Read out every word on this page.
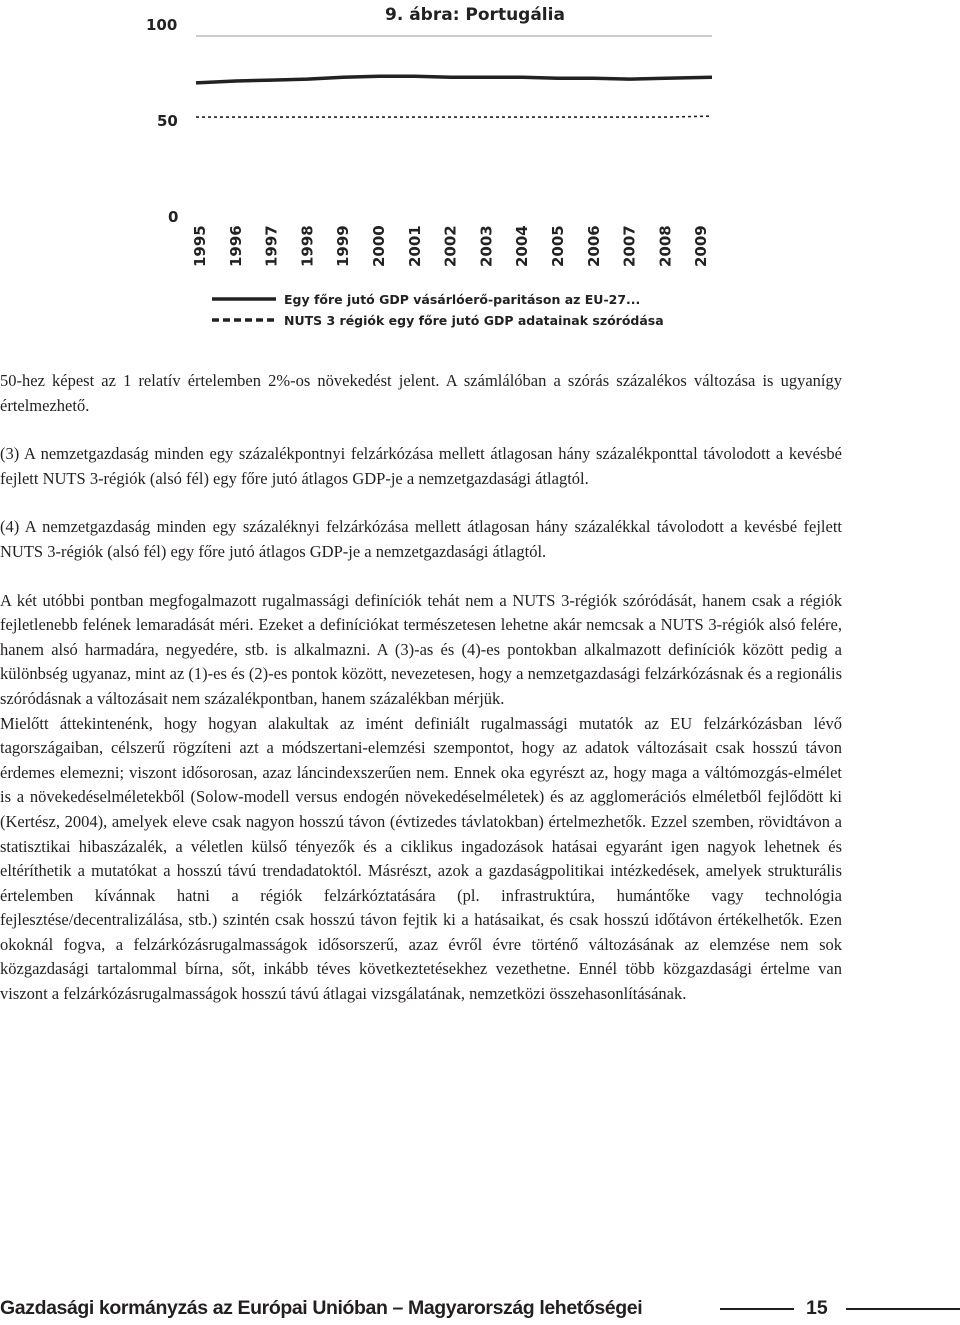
9. ábra: Portugália
100
50
0
1995 1996 1997 1998 1999 2000 2001 2002 2003 2004 2005 2006 2007 2008 2009
Egy főre jutó GDP vásárlóerő-paritáson az EU-27...
NUTS 3 régiók egy főre jutó GDP adatainak szóródása

50-hez képest az 1 relatív értelemben 2%-os növekedést jelent. A számlálóban a szórás százalékos változása is ugyanígy értelmezhető.

(3) A nemzetgazdaság minden egy százalékpontnyi felzárkózása mellett átlagosan hány százalékponttal távolodott a kevésbé fejlett NUTS 3-régiók (alsó fél) egy főre jutó átlagos GDP-je a nemzetgazdasági átlagtól.

(4) A nemzetgazdaság minden egy százaléknyi felzárkózása mellett átlagosan hány százalékkal távolodott a kevésbé fejlett NUTS 3-régiók (alsó fél) egy főre jutó átlagos GDP-je a nemzetgazdasági átlagtól.

A két utóbbi pontban megfogalmazott rugalmassági definíciók tehát nem a NUTS 3-régiók szóródását, hanem csak a régiók fejletlenebb felének lemaradását méri. Ezeket a definíciókat természetesen lehetne akár nemcsak a NUTS 3-régiók alsó felére, hanem alsó harmadára, negyedére, stb. is alkalmazni. A (3)-as és (4)-es pontokban alkalmazott definíciók között pedig a különbség ugyanaz, mint az (1)-es és (2)-es pontok között, nevezetesen, hogy a nemzetgazdasági felzárkózásnak és a regionális szóródásnak a változásait nem százalékpontban, hanem százalékban mérjük.

Mielőtt áttekintenénk, hogy hogyan alakultak az imént definiált rugalmassági mutatók az EU felzárkózásban lévő tagországaiban, célszerű rögzíteni azt a módszertani-elemzési szempontot, hogy az adatok változásait csak hosszú távon érdemes elemezni; viszont idősorosan, azaz láncindexszerűen nem. Ennek oka egyrészt az, hogy maga a váltómozgás-elmélet is a növekedéselméletekből (Solow-modell versus endogén növekedéselméletek) és az agglomerációs elméletből fejlődött ki (Kertész, 2004), amelyek eleve csak nagyon hosszú távon (évtizedes távlatokban) értelmezhetők. Ezzel szemben, rövidtávon a statisztikai hibaszázalék, a véletlen külső tényezők és a ciklikus ingadozások hatásai egyaránt igen nagyok lehetnek és eltéríthetik a mutatókat a hosszú távú trendadatoktól. Másrészt, azok a gazdaságpolitikai intézkedések, amelyek strukturális értelemben kívánnak hatni a régiók felzárkóztatására (pl. infrastruktúra, humántőke vagy technológia fejlesztése/decentralizálása, stb.) szintén csak hosszú távon fejtik ki a hatásaikat, és csak hosszú időtávon értékelhetők. Ezen okoknál fogva, a felzárkózásrugalmasságok idősorszerű, azaz évről évre történő változásának az elemzése nem sok közgazdasági tartalommal bírna, sőt, inkább téves következtetésekhez vezethetne. Ennél több közgazdasági értelme van viszont a felzárkózásrugalmasságok hosszú távú átlagai vizsgálatának, nemzetközi összehasonlításának.

Gazdasági kormányzás az Európai Unióban – Magyarország lehetőségei	15
